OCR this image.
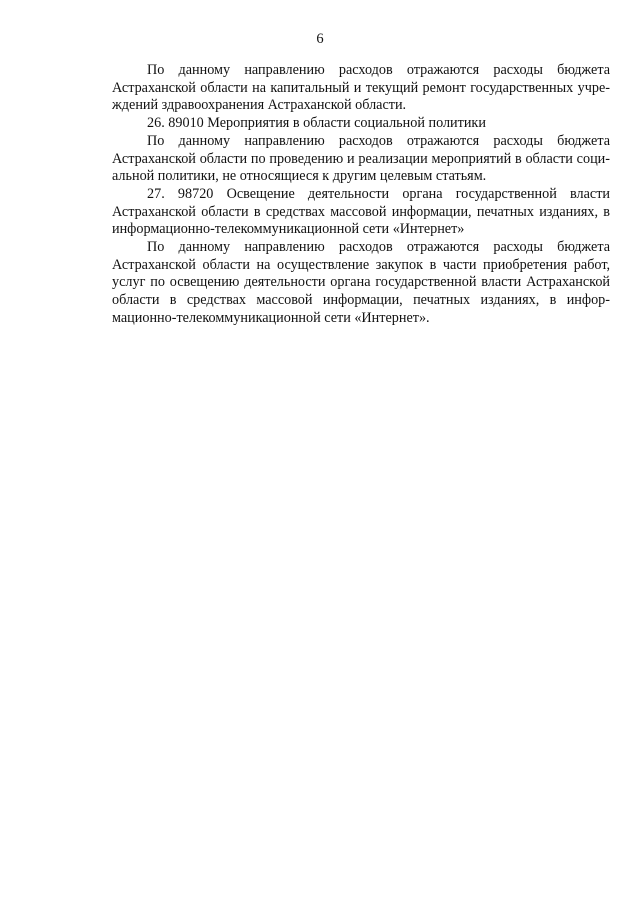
6

По данному направлению расходов отражаются расходы бюджета Астраханской области на капитальный и текущий ремонт государственных учреждений здравоохранения Астраханской области.

26. 89010 Мероприятия в области социальной политики

По данному направлению расходов отражаются расходы бюджета Астраханской области по проведению и реализации мероприятий в области социальной политики, не относящиеся к другим целевым статьям.

27. 98720 Освещение деятельности органа государственной власти Астраханской области в средствах массовой информации, печатных изданиях, в информационно-телекоммуникационной сети «Интернет»

По данному направлению расходов отражаются расходы бюджета Астраханской области на осуществление закупок в части приобретения работ, услуг по освещению деятельности органа государственной власти Астраханской области в средствах массовой информации, печатных изданиях, в информационно-телекоммуникационной сети «Интернет».
